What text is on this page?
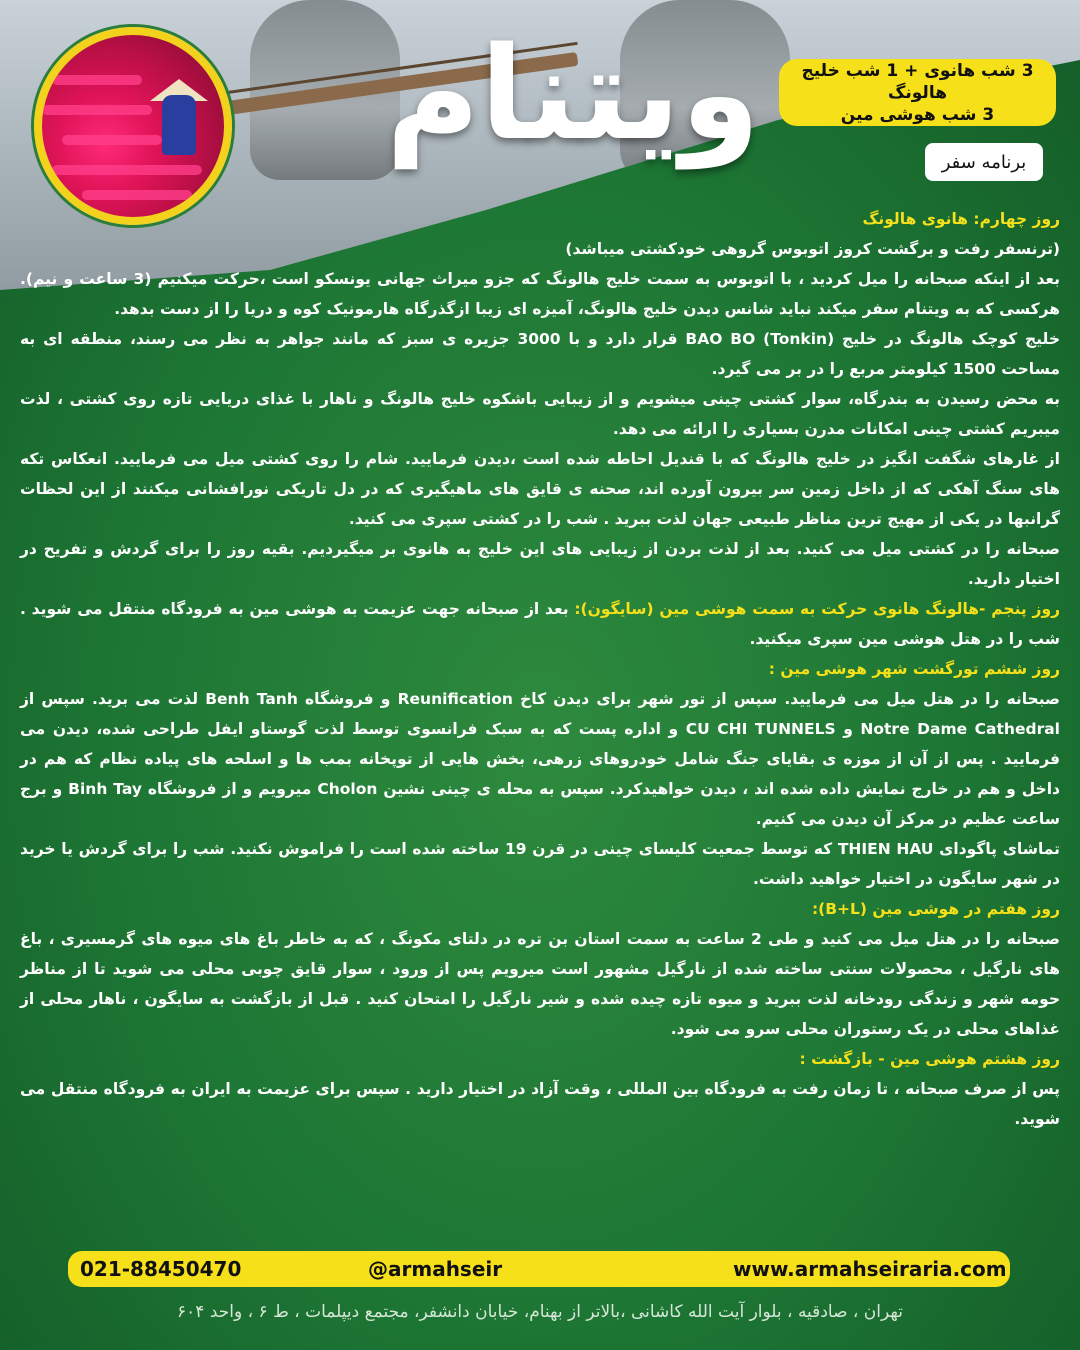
ویتنام	3 شب هانوی + 1 شب خلیج هالونگ
3 شب هوشی مین
برنامه سفر

روز چهارم: هانوی هالونگ

(ترنسفر رفت و برگشت کروز اتوبوس گروهی خودکشتی میباشد)

بعد از اینکه صبحانه را میل کردید ، با اتوبوس به سمت خلیج هالونگ که جزو میراث جهانی یونسکو است ،حرکت میکنیم (3 ساعت و نیم). هرکسی که به ویتنام سفر میکند نباید شانس دیدن خلیج هالونگ، آمیزه ای زیبا ازگذرگاه هارمونیک کوه و دریا را از دست بدهد.

خلیج کوچک هالونگ در خلیج BAO BO (Tonkin) قرار دارد و با 3000 جزیره ی سبز که مانند جواهر به نظر می رسند، منطقه ای به مساحت 1500 کیلومتر مربع را در بر می گیرد.

به محض رسیدن به بندرگاه، سوار کشتی چینی میشویم و از زیبایی باشکوه خلیج هالونگ و ناهار با غذای دریایی تازه روی کشتی ، لذت میبریم کشتی چینی امکانات مدرن بسیاری را ارائه می دهد.

از غارهای شگفت انگیز در خلیج هالونگ که با قندیل احاطه شده است ،دیدن فرمایید. شام را روی کشتی میل می فرمایید. انعکاس تکه های سنگ آهکی که از داخل زمین سر بیرون آورده اند، صحنه ی قایق های ماهیگیری که در دل تاریکی نورافشانی میکنند از این لحظات گرانبها در یکی از مهیج ترین مناظر طبیعی جهان لذت ببرید . شب را در کشتی سپری می کنید.

صبحانه را در کشتی میل می کنید. بعد از لذت بردن از زیبایی های این خلیج به هانوی بر میگیردیم. بقیه روز را برای گردش و تفریح در اختیار دارید.

روز پنجم -هالونگ هانوی حرکت به سمت هوشی مین (سایگون): بعد از صبحانه جهت عزیمت به هوشی مین به فرودگاه منتقل می شوید . شب را در هتل هوشی مین سپری میکنید.

روز ششم تورگشت شهر هوشی مین :

صبحانه را در هتل میل می فرمایید. سپس از تور شهر برای دیدن کاخ Reunification و فروشگاه Benh Tanh لذت می برید. سپس از Notre Dame Cathedral و CU CHI TUNNELS و اداره پست که به سبک فرانسوی توسط لذت گوستاو ایفل طراحی شده، دیدن می فرمایید . پس از آن از موزه ی بقایای جنگ شامل خودروهای زرهی، بخش هایی از توپخانه بمب ها و اسلحه های پیاده نظام که هم در داخل و هم در خارج نمایش داده شده اند ، دیدن خواهیدکرد. سپس به محله ی چینی نشین Cholon میرویم و از فروشگاه Binh Tay و برج ساعت عظیم در مرکز آن دیدن می کنیم.

تماشای پاگودای THIEN HAU که توسط جمعیت کلیسای چینی در قرن 19 ساخته شده است را فراموش نکنید. شب را برای گردش یا خرید در شهر سایگون در اختیار خواهید داشت.

روز هفتم در هوشی مین (B+L):

صبحانه را در هتل میل می کنید و طی 2 ساعت به سمت استان بن تره در دلتای مکونگ ، که به خاطر باغ های میوه های گرمسیری ، باغ های نارگیل ، محصولات سنتی ساخته شده از نارگیل مشهور است میرویم پس از ورود ، سوار قایق چوبی محلی می شوید تا از مناظر حومه شهر و زندگی رودخانه لذت ببرید و میوه تازه چیده شده و شیر نارگیل را امتحان کنید . قبل از بازگشت به سایگون ، ناهار محلی از غذاهای محلی در یک رستوران محلی سرو می شود.

روز هشتم هوشی مین - بازگشت :

پس از صرف صبحانه ، تا زمان رفت به فرودگاه بین المللی ، وقت آزاد در اختیار دارید . سپس برای عزیمت به ایران به فرودگاه منتقل می شوید.

021-88450470	@armahseir	www.armahseiraria.com
تهران ، صادقیه ، بلوار آیت الله کاشانی ،بالاتر از بهنام، خیابان دانشفر، مجتمع دیپلمات ، ط ۶ ، واحد ۶۰۴
